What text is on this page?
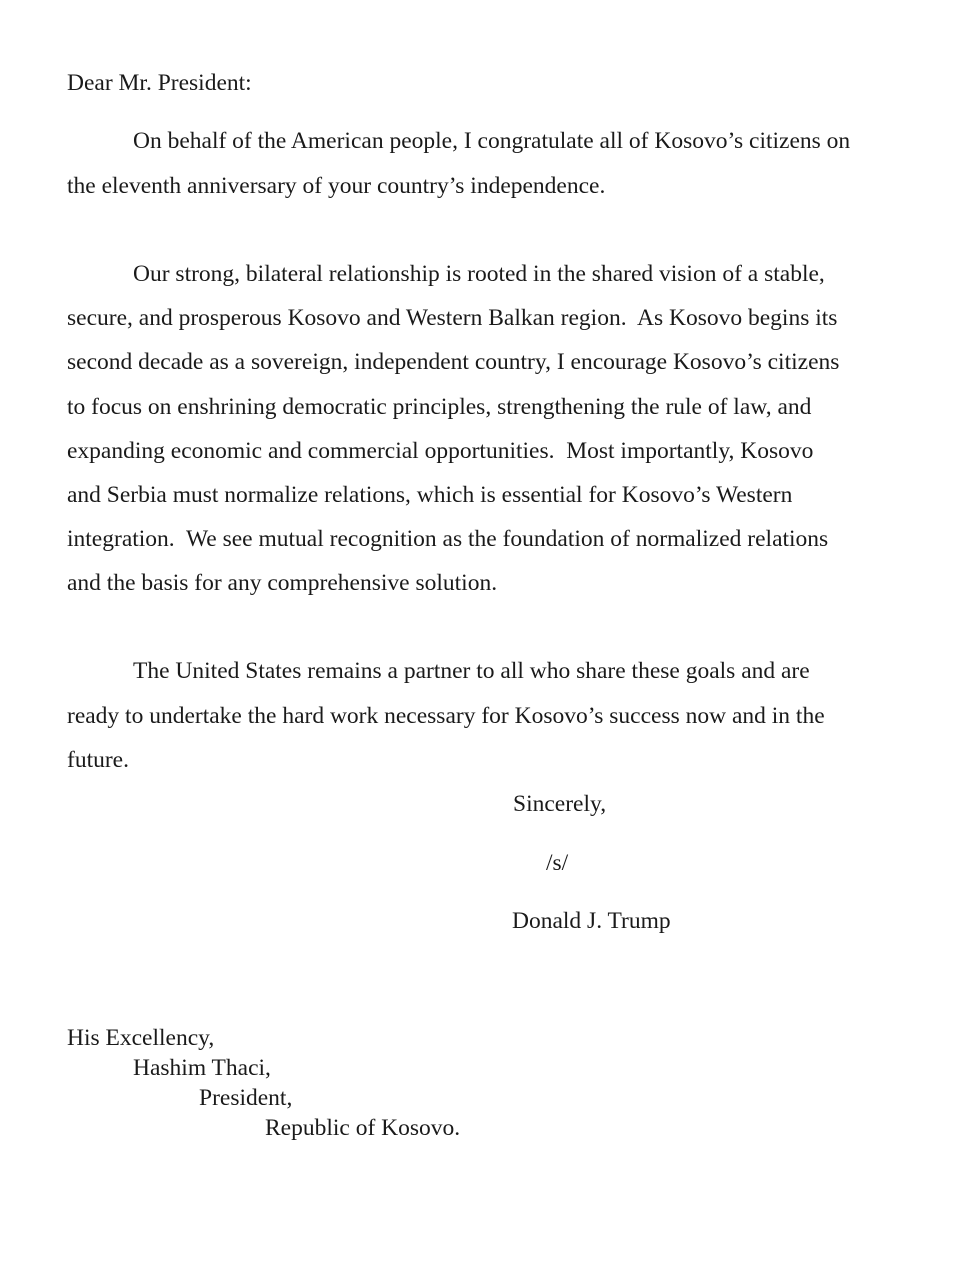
Dear Mr. President:
On behalf of the American people, I congratulate all of Kosovo’s citizens on
the eleventh anniversary of your country’s independence.
Our strong, bilateral relationship is rooted in the shared vision of a stable,
secure, and prosperous Kosovo and Western Balkan region.  As Kosovo begins its
second decade as a sovereign, independent country, I encourage Kosovo’s citizens
to focus on enshrining democratic principles, strengthening the rule of law, and
expanding economic and commercial opportunities.  Most importantly, Kosovo
and Serbia must normalize relations, which is essential for Kosovo’s Western
integration.  We see mutual recognition as the foundation of normalized relations
and the basis for any comprehensive solution.
The United States remains a partner to all who share these goals and are
ready to undertake the hard work necessary for Kosovo’s success now and in the
future.
Sincerely,
/s/
Donald J. Trump
His Excellency,
Hashim Thaci,
President,
Republic of Kosovo.
